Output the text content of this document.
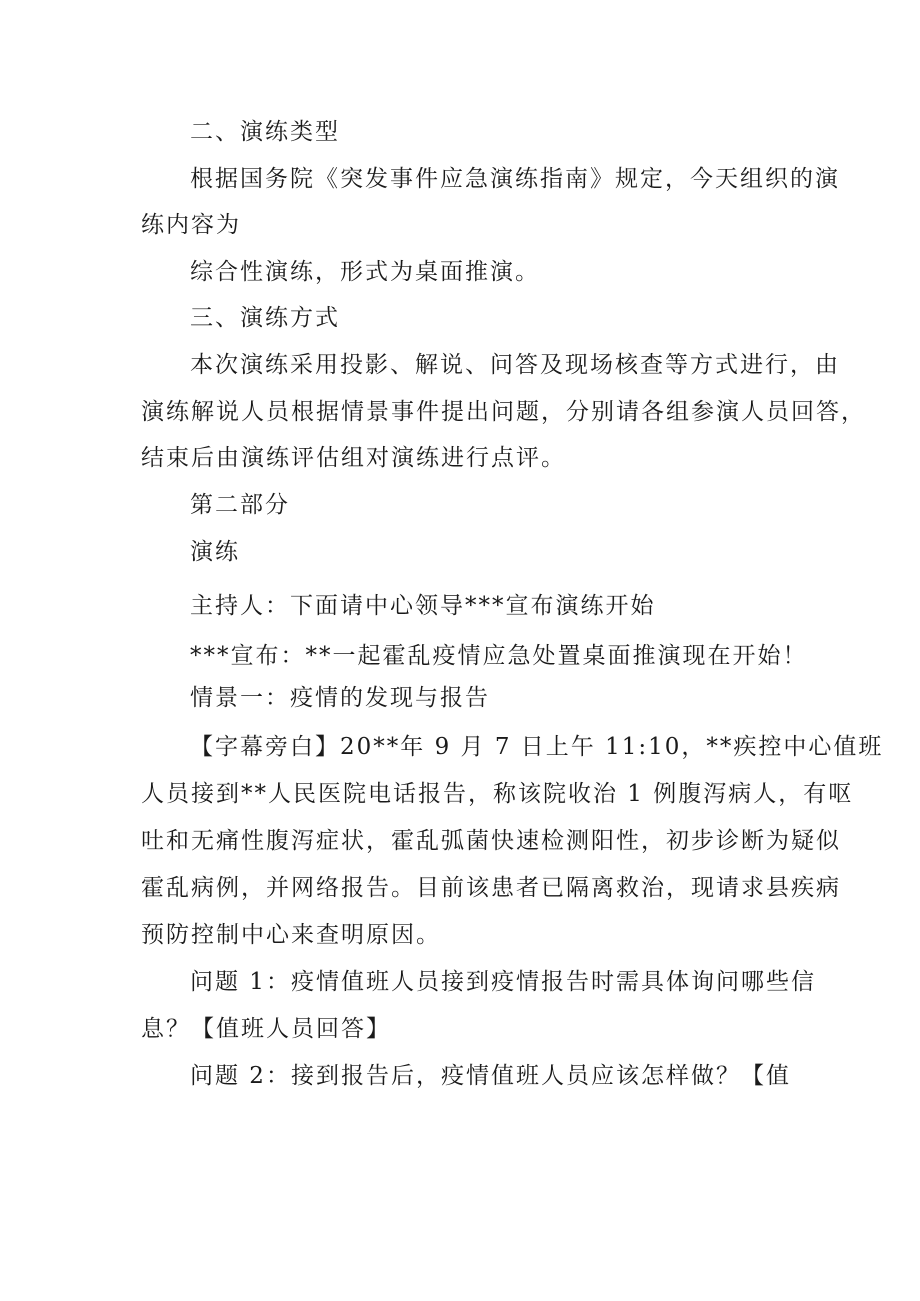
二、演练类型

根据国务院《突发事件应急演练指南》规定，今天组织的演

练内容为

综合性演练，形式为桌面推演。

三、演练方式

本次演练采用投影、解说、问答及现场核查等方式进行，由

演练解说人员根据情景事件提出问题，分别请各组参演人员回答，

结束后由演练评估组对演练进行点评。

第二部分

演练

主持人：下面请中心领导***宣布演练开始

***宣布：**一起霍乱疫情应急处置桌面推演现在开始！

情景一：疫情的发现与报告

【字幕旁白】20**年 9 月 7 日上午 11:10，**疾控中心值班

人员接到**人民医院电话报告，称该院收治 1 例腹泻病人，有呕

吐和无痛性腹泻症状，霍乱弧菌快速检测阳性，初步诊断为疑似

霍乱病例，并网络报告。目前该患者已隔离救治，现请求县疾病

预防控制中心来查明原因。

问题 1：疫情值班人员接到疫情报告时需具体询问哪些信

息？【值班人员回答】

问题 2：接到报告后，疫情值班人员应该怎样做？【值
